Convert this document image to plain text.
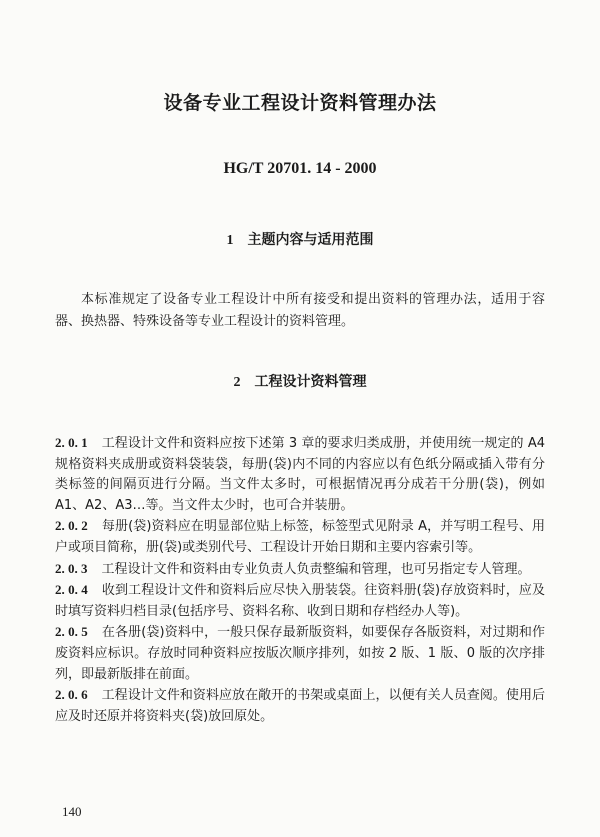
设备专业工程设计资料管理办法
HG/T 20701. 14 - 2000
1 主题内容与适用范围
本标准规定了设备专业工程设计中所有接受和提出资料的管理办法，适用于容器、换热器、特殊设备等专业工程设计的资料管理。
2 工程设计资料管理
2. 0. 1 工程设计文件和资料应按下述第 3 章的要求归类成册，并使用统一规定的 A4 规格资料夹成册或资料袋装袋，每册(袋)内不同的内容应以有色纸分隔或插入带有分类标签的间隔页进行分隔。当文件太多时，可根据情况再分成若干分册(袋)，例如 A1、A2、A3…等。当文件太少时，也可合并装册。
2. 0. 2 每册(袋)资料应在明显部位贴上标签，标签型式见附录 A，并写明工程号、用户或项目简称，册(袋)或类别代号、工程设计开始日期和主要内容索引等。
2. 0. 3 工程设计文件和资料由专业负责人负责整编和管理，也可另指定专人管理。
2. 0. 4 收到工程设计文件和资料后应尽快入册装袋。往资料册(袋)存放资料时，应及时填写资料归档目录(包括序号、资料名称、收到日期和存档经办人等)。
2. 0. 5 在各册(袋)资料中，一般只保存最新版资料，如要保存各版资料，对过期和作废资料应标识。存放时同种资料应按版次顺序排列，如按 2 版、1 版、0 版的次序排列，即最新版排在前面。
2. 0. 6 工程设计文件和资料应放在敞开的书架或桌面上，以便有关人员查阅。使用后应及时还原并将资料夹(袋)放回原处。
140
